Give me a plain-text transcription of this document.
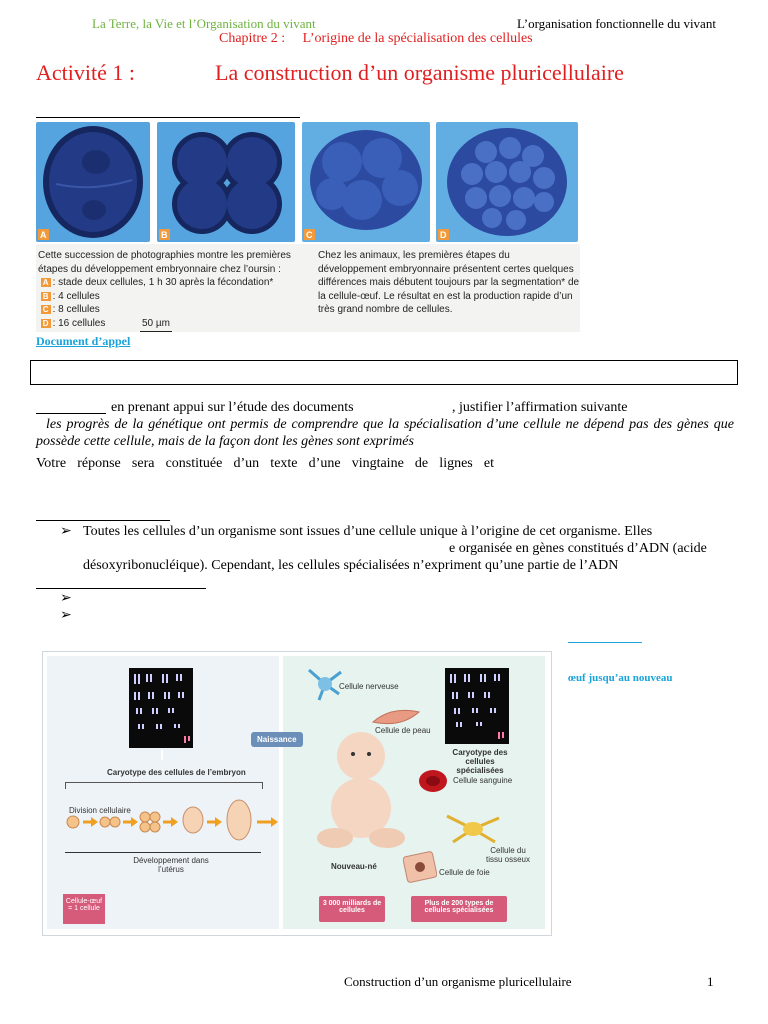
La Terre, la Vie et l’Organisation du vivant	L’organisation fonctionnelle du vivant
Chapitre 2 : L’origine de la spécialisation des cellules
Activité 1 :	La construction d’un organisme pluricellulaire
A	B	C	D
Cette succession de photographies montre les premières étapes du développement embryonnaire chez l’oursin :
A : stade deux cellules, 1 h 30 après la fécondation*
B : 4 cellules
C : 8 cellules
D : 16 cellules	50 µm
Chez les animaux, les premières étapes du développement embryonnaire présentent certes quelques différences mais débutent toujours par la segmentation* de la cellule-œuf. Le résultat en est la production rapide d’un très grand nombre de cellules.
Document d’appel
en prenant appui sur l’étude des documents	, justifier l’affirmation suivante
les progrès de la génétique ont permis de comprendre que la spécialisation d’une cellule ne dépend pas des gènes que possède cette cellule, mais de la façon dont les gènes sont exprimés
Votre réponse sera constituée d’un texte d’une vingtaine de lignes et
➢ Toutes les cellules d’un organisme sont issues d’une cellule unique à l’origine de cet organisme. Elles
e organisée en gènes constitués d’ADN (acide
désoxyribonucléique). Cependant, les cellules spécialisées n’expriment qu’une partie de l’ADN
➢
➢
œuf jusqu’au nouveau
Caryotype des cellules de l’embryon
Division cellulaire
Développement dans l’utérus
Cellule-œuf = 1 cellule
Naissance
Cellule nerveuse
Cellule de peau
Caryotype des cellules spécialisées
Cellule sanguine
Cellule du tissu osseux
Cellule de foie
Nouveau-né
3 000 milliards de cellules
Plus de 200 types de cellules spécialisées
Construction d’un organisme pluricellulaire	1
